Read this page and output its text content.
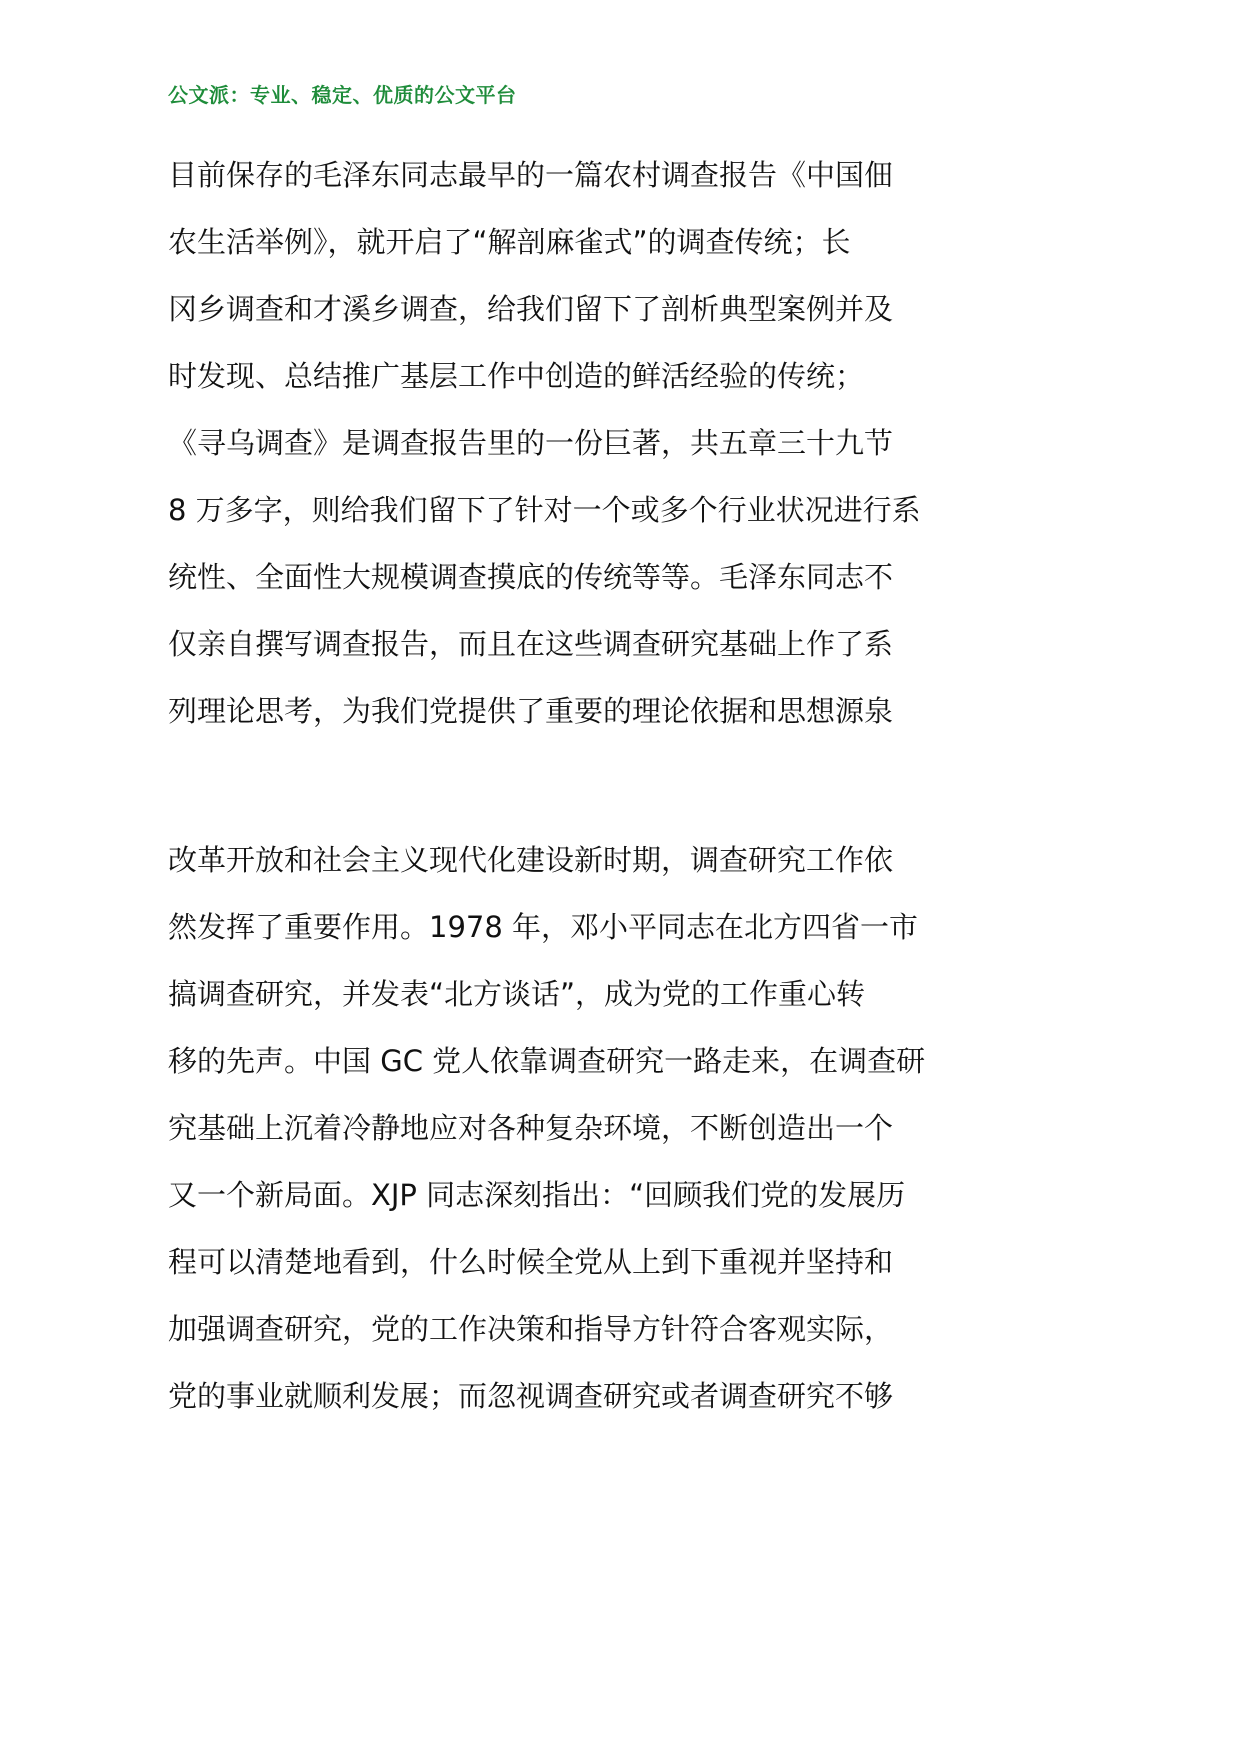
公文派：专业、稳定、优质的公文平台
目前保存的毛泽东同志最早的一篇农村调查报告《中国佃
农生活举例》，就开启了“解剖麻雀式”的调查传统；长
冈乡调查和才溪乡调查，给我们留下了剖析典型案例并及
时发现、总结推广基层工作中创造的鲜活经验的传统；
《寻乌调查》是调查报告里的一份巨著，共五章三十九节
8 万多字，则给我们留下了针对一个或多个行业状况进行系
统性、全面性大规模调查摸底的传统等等。毛泽东同志不
仅亲自撰写调查报告，而且在这些调查研究基础上作了系
列理论思考，为我们党提供了重要的理论依据和思想源泉
改革开放和社会主义现代化建设新时期，调查研究工作依
然发挥了重要作用。1978 年，邓小平同志在北方四省一市
搞调查研究，并发表“北方谈话”，成为党的工作重心转
移的先声。中国 GC 党人依靠调查研究一路走来，在调查研
究基础上沉着冷静地应对各种复杂环境，不断创造出一个
又一个新局面。XJP 同志深刻指出：“回顾我们党的发展历
程可以清楚地看到，什么时候全党从上到下重视并坚持和
加强调查研究，党的工作决策和指导方针符合客观实际，
党的事业就顺利发展；而忽视调查研究或者调查研究不够
